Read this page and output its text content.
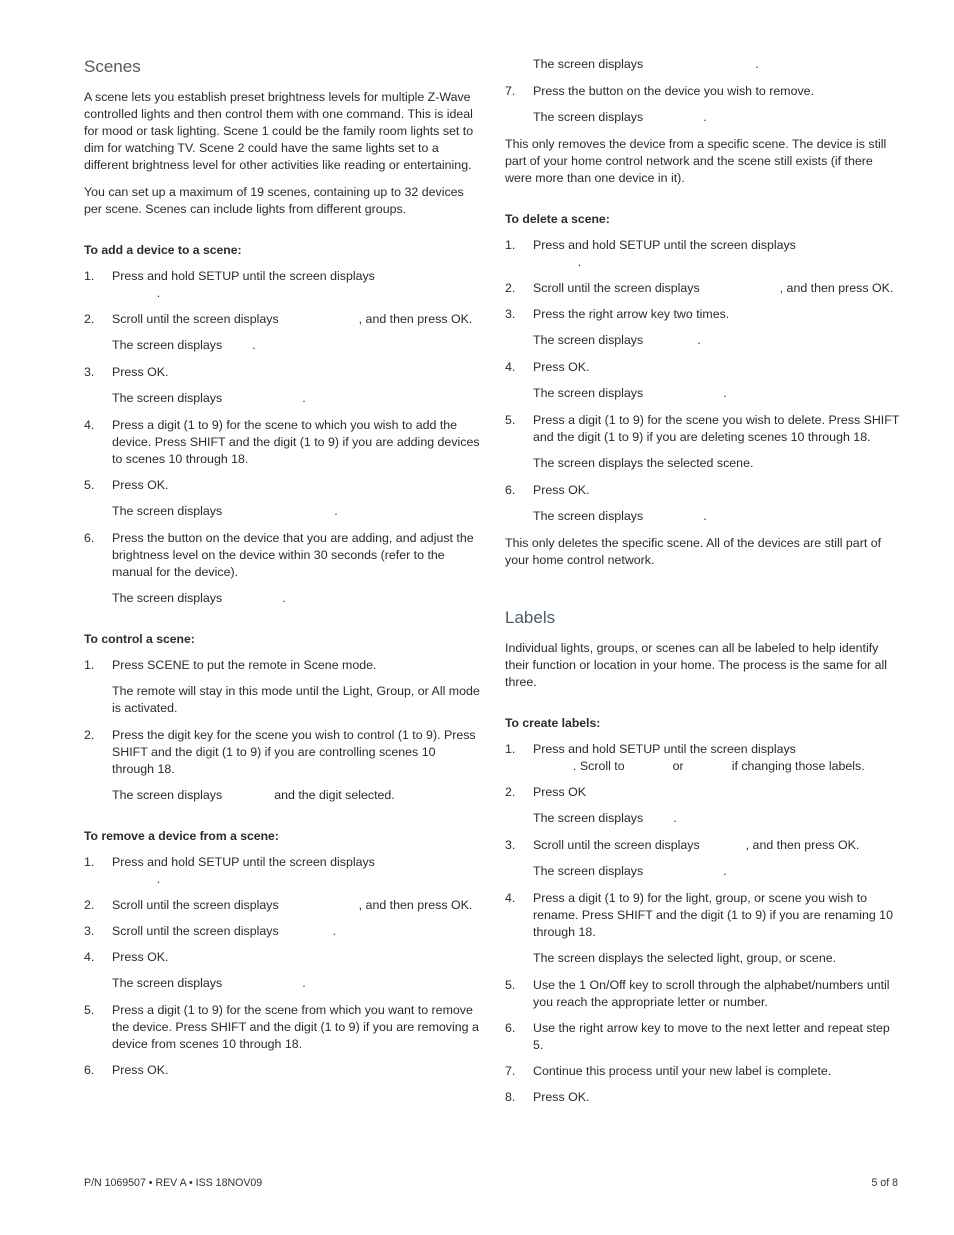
Scenes

A scene lets you establish preset brightness levels for multiple Z-Wave controlled lights and then control them with one command. This is ideal for mood or task lighting. Scene 1 could be the family room lights set to dim for watching TV. Scene 2 could have the same lights set to a different brightness level for other activities like reading or entertaining.

You can set up a maximum of 19 scenes, containing up to 32 devices per scene. Scenes can include lights from different groups.

To add a device to a scene:
1.	Press and hold SETUP until the screen displays
.
2.	Scroll until the screen displays	, and then press OK.
The screen displays .
3.	Press OK.
The screen displays	.
4.	Press a digit (1 to 9) for the scene to which you wish to add the device. Press SHIFT and the digit (1 to 9) if you are adding devices to scenes 10 through 18.
5.	Press OK.
The screen displays	.
6.	Press the button on the device that you are adding, and adjust the brightness level on the device within 30 seconds (refer to the manual for the device).
The screen displays	.
To control a scene:
1.	Press SCENE to put the remote in Scene mode.
The remote will stay in this mode until the Light, Group, or All mode is activated.
2.	Press the digit key for the scene you wish to control (1 to 9). Press SHIFT and the digit (1 to 9) if you are controlling scenes 10 through 18.
The screen displays	and the digit selected.
To remove a device from a scene:
1.	Press and hold SETUP until the screen displays
.
2.	Scroll until the screen displays	, and then press OK.
3.	Scroll until the screen displays	.
4.	Press OK.
The screen displays	.
5.	Press a digit (1 to 9) for the scene from which you want to remove the device. Press SHIFT and the digit (1 to 9) if you are removing a device from scenes 10 through 18.
6.	Press OK.
The screen displays	.
7.	Press the button on the device you wish to remove.
The screen displays	.

This only removes the device from a specific scene. The device is still part of your home control network and the scene still exists (if there were more than one device in it).

To delete a scene:
1.	Press and hold SETUP until the screen displays
.
2.	Scroll until the screen displays	, and then press OK.
3.	Press the right arrow key two times.
The screen displays	.
4.	Press OK.
The screen displays	.
5.	Press a digit (1 to 9) for the scene you wish to delete. Press SHIFT and the digit (1 to 9) if you are deleting scenes 10 through 18.
The screen displays the selected scene.
6.	Press OK.
The screen displays	.

This only deletes the specific scene. All of the devices are still part of your home control network.

Labels

Individual lights, groups, or scenes can all be labeled to help identify their function or location in your home. The process is the same for all three.

To create labels:
1.	Press and hold SETUP until the screen displays
. Scroll to	or	if changing those labels.
2.	Press OK
The screen displays .
3.	Scroll until the screen displays	, and then press OK.
The screen displays	.
4.	Press a digit (1 to 9) for the light, group, or scene you wish to rename. Press SHIFT and the digit (1 to 9) if you are renaming 10 through 18.
The screen displays the selected light, group, or scene.
5.	Use the 1 On/Off key to scroll through the alphabet/numbers until you reach the appropriate letter or number.
6.	Use the right arrow key to move to the next letter and repeat step 5.
7.	Continue this process until your new label is complete.
8.	Press OK.
P/N 1069507 • REV A • ISS 18NOV09	5 of 8
